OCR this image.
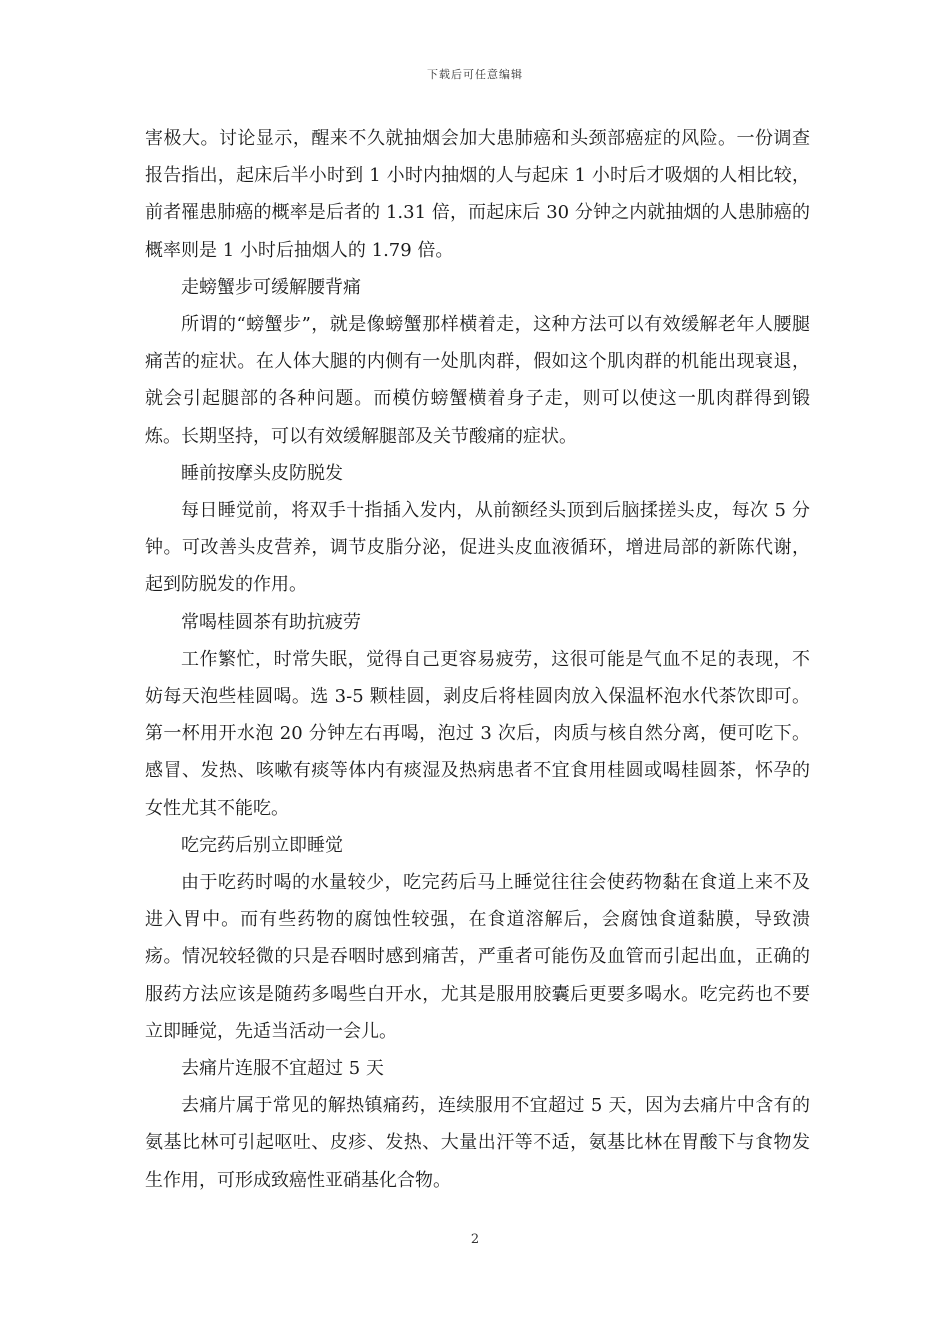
下载后可任意编辑

害极大。讨论显示，醒来不久就抽烟会加大患肺癌和头颈部癌症的风险。一份调查报告指出，起床后半小时到 1 小时内抽烟的人与起床 1 小时后才吸烟的人相比较，前者罹患肺癌的概率是后者的 1.31 倍，而起床后 30 分钟之内就抽烟的人患肺癌的概率则是 1 小时后抽烟人的 1.79 倍。

走螃蟹步可缓解腰背痛

所谓的“螃蟹步”，就是像螃蟹那样横着走，这种方法可以有效缓解老年人腰腿痛苦的症状。在人体大腿的内侧有一处肌肉群，假如这个肌肉群的机能出现衰退，就会引起腿部的各种问题。而模仿螃蟹横着身子走，则可以使这一肌肉群得到锻炼。长期坚持，可以有效缓解腿部及关节酸痛的症状。

睡前按摩头皮防脱发

每日睡觉前，将双手十指插入发内，从前额经头顶到后脑揉搓头皮，每次 5 分钟。可改善头皮营养，调节皮脂分泌，促进头皮血液循环，增进局部的新陈代谢，起到防脱发的作用。

常喝桂圆茶有助抗疲劳

工作繁忙，时常失眠，觉得自己更容易疲劳，这很可能是气血不足的表现，不妨每天泡些桂圆喝。选 3-5 颗桂圆，剥皮后将桂圆肉放入保温杯泡水代茶饮即可。第一杯用开水泡 20 分钟左右再喝，泡过 3 次后，肉质与核自然分离，便可吃下。感冒、发热、咳嗽有痰等体内有痰湿及热病患者不宜食用桂圆或喝桂圆茶，怀孕的女性尤其不能吃。

吃完药后别立即睡觉

由于吃药时喝的水量较少，吃完药后马上睡觉往往会使药物黏在食道上来不及进入胃中。而有些药物的腐蚀性较强，在食道溶解后，会腐蚀食道黏膜，导致溃疡。情况较轻微的只是吞咽时感到痛苦，严重者可能伤及血管而引起出血，正确的服药方法应该是随药多喝些白开水，尤其是服用胶囊后更要多喝水。吃完药也不要立即睡觉，先适当活动一会儿。

去痛片连服不宜超过 5 天

去痛片属于常见的解热镇痛药，连续服用不宜超过 5 天，因为去痛片中含有的氨基比林可引起呕吐、皮疹、发热、大量出汗等不适，氨基比林在胃酸下与食物发生作用，可形成致癌性亚硝基化合物。

2
